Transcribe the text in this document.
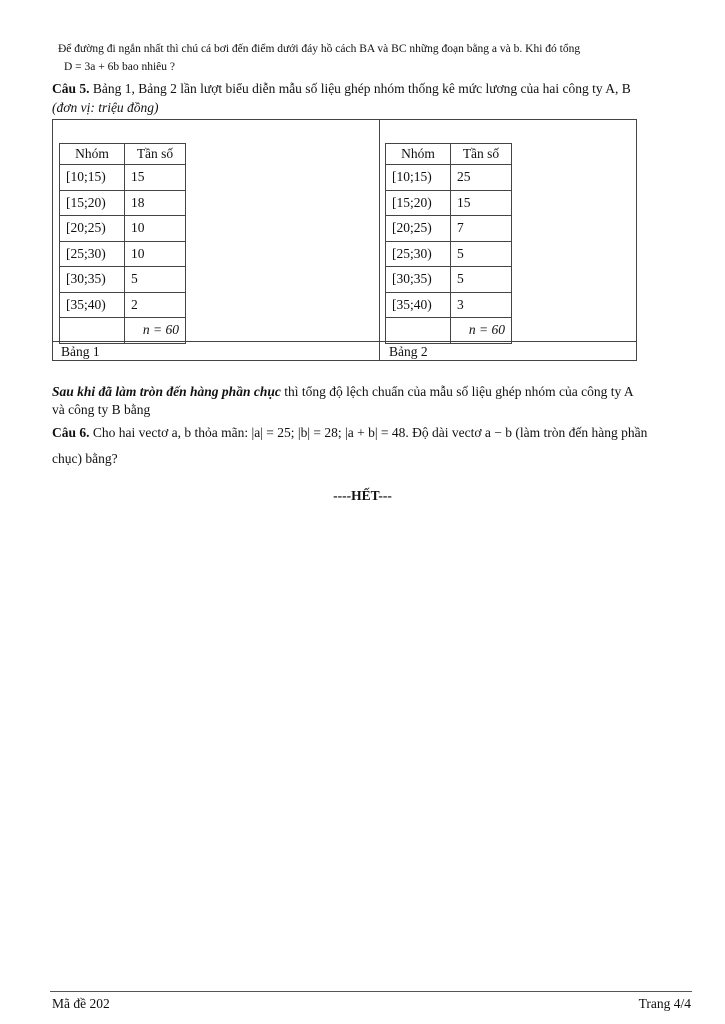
Để đường đi ngắn nhất thì chú cá bơi đến điểm dưới đáy hồ cách BA và BC những đoạn bằng a và b. Khi đó tổng
D = 3a + 6b bao nhiêu ?
Câu 5. Bảng 1, Bảng 2 lần lượt biểu diễn mẫu số liệu ghép nhóm thống kê mức lương của hai công ty A, B
(đơn vị: triệu đồng)
Nhóm	Tần số
[10;15)	15
[15;20)	18
[20;25)	10
[25;30)	10
[30;35)	5
[35;40)	2
	n = 60
Nhóm	Tần số
[10;15)	25
[15;20)	15
[20;25)	7
[25;30)	5
[30;35)	5
[35;40)	3
	n = 60
Bảng 1	Bảng 2
Sau khi đã làm tròn đến hàng phần chục thì tổng độ lệch chuẩn của mẫu số liệu ghép nhóm của công ty A
và công ty B bằng
Câu 6. Cho hai vectơ a, b thỏa mãn: |a| = 25; |b| = 28; |a + b| = 48. Độ dài vectơ a − b (làm tròn đến hàng phần
chục) bằng?
----HẾT---
Mã đề 202	Trang 4/4
